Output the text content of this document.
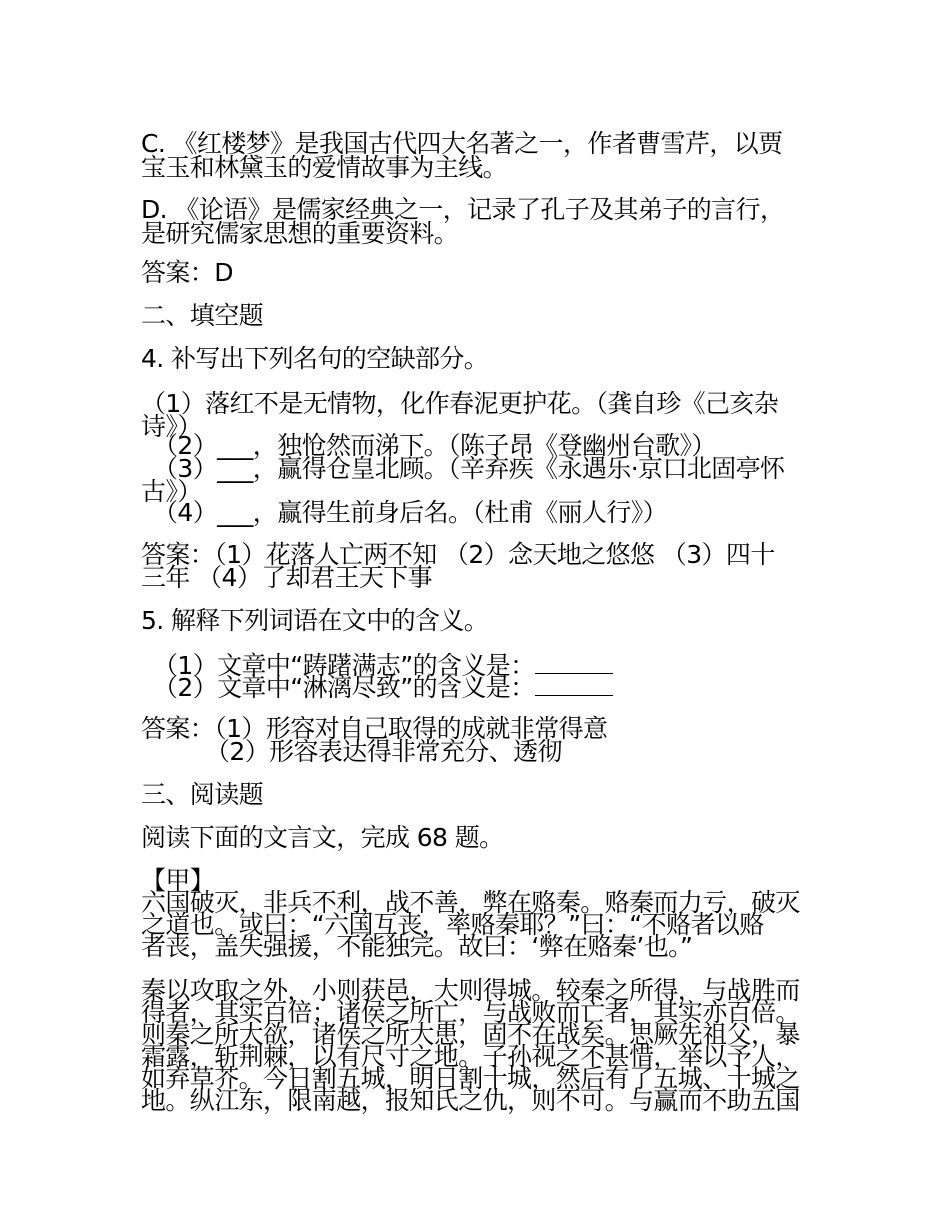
C. 《红楼梦》是我国古代四大名著之一，作者曹雪芹，以贾
宝玉和林黛玉的爱情故事为主线。
D. 《论语》是儒家经典之一，记录了孔子及其弟子的言行，
是研究儒家思想的重要资料。
答案：D
二、填空题
4. 补写出下列名句的空缺部分。
（1）落红不是无情物，化作春泥更护花。（龚自珍《己亥杂
诗》）
（2）___，独怆然而涕下。（陈子昂《登幽州台歌》）
（3）___，赢得仓皇北顾。（辛弃疾《永遇乐·京口北固亭怀
古》）
（4）___，赢得生前身后名。（杜甫《丽人行》）
答案：（1）花落人亡两不知 （2）念天地之悠悠 （3）四十
三年 （4）了却君王天下事
5. 解释下列词语在文中的含义。
（1）文章中“踌躇满志”的含义是：
（2）文章中“淋漓尽致”的含义是：
答案：（1）形容对自己取得的成就非常得意
（2）形容表达得非常充分、透彻
三、阅读题
阅读下面的文言文，完成 68 题。
【甲】
六国破灭，非兵不利，战不善，弊在赂秦。赂秦而力亏，破灭
之道也。或曰：“六国互丧，率赂秦耶？”曰：“不赂者以赂
者丧，盖失强援，不能独完。故曰：‘弊在赂秦’也。”
秦以攻取之外，小则获邑，大则得城。较秦之所得，与战胜而
得者，其实百倍；诸侯之所亡，与战败而亡者，其实亦百倍。
则秦之所大欲，诸侯之所大患，固不在战矣。思厥先祖父，暴
霜露，斩荆棘，以有尺寸之地。子孙视之不甚惜，举以予人，
如弃草芥。今日割五城，明日割十城，然后有了五城、十城之
地。纵江东，限南越，报知氏之仇，则不可。与赢而不助五国
